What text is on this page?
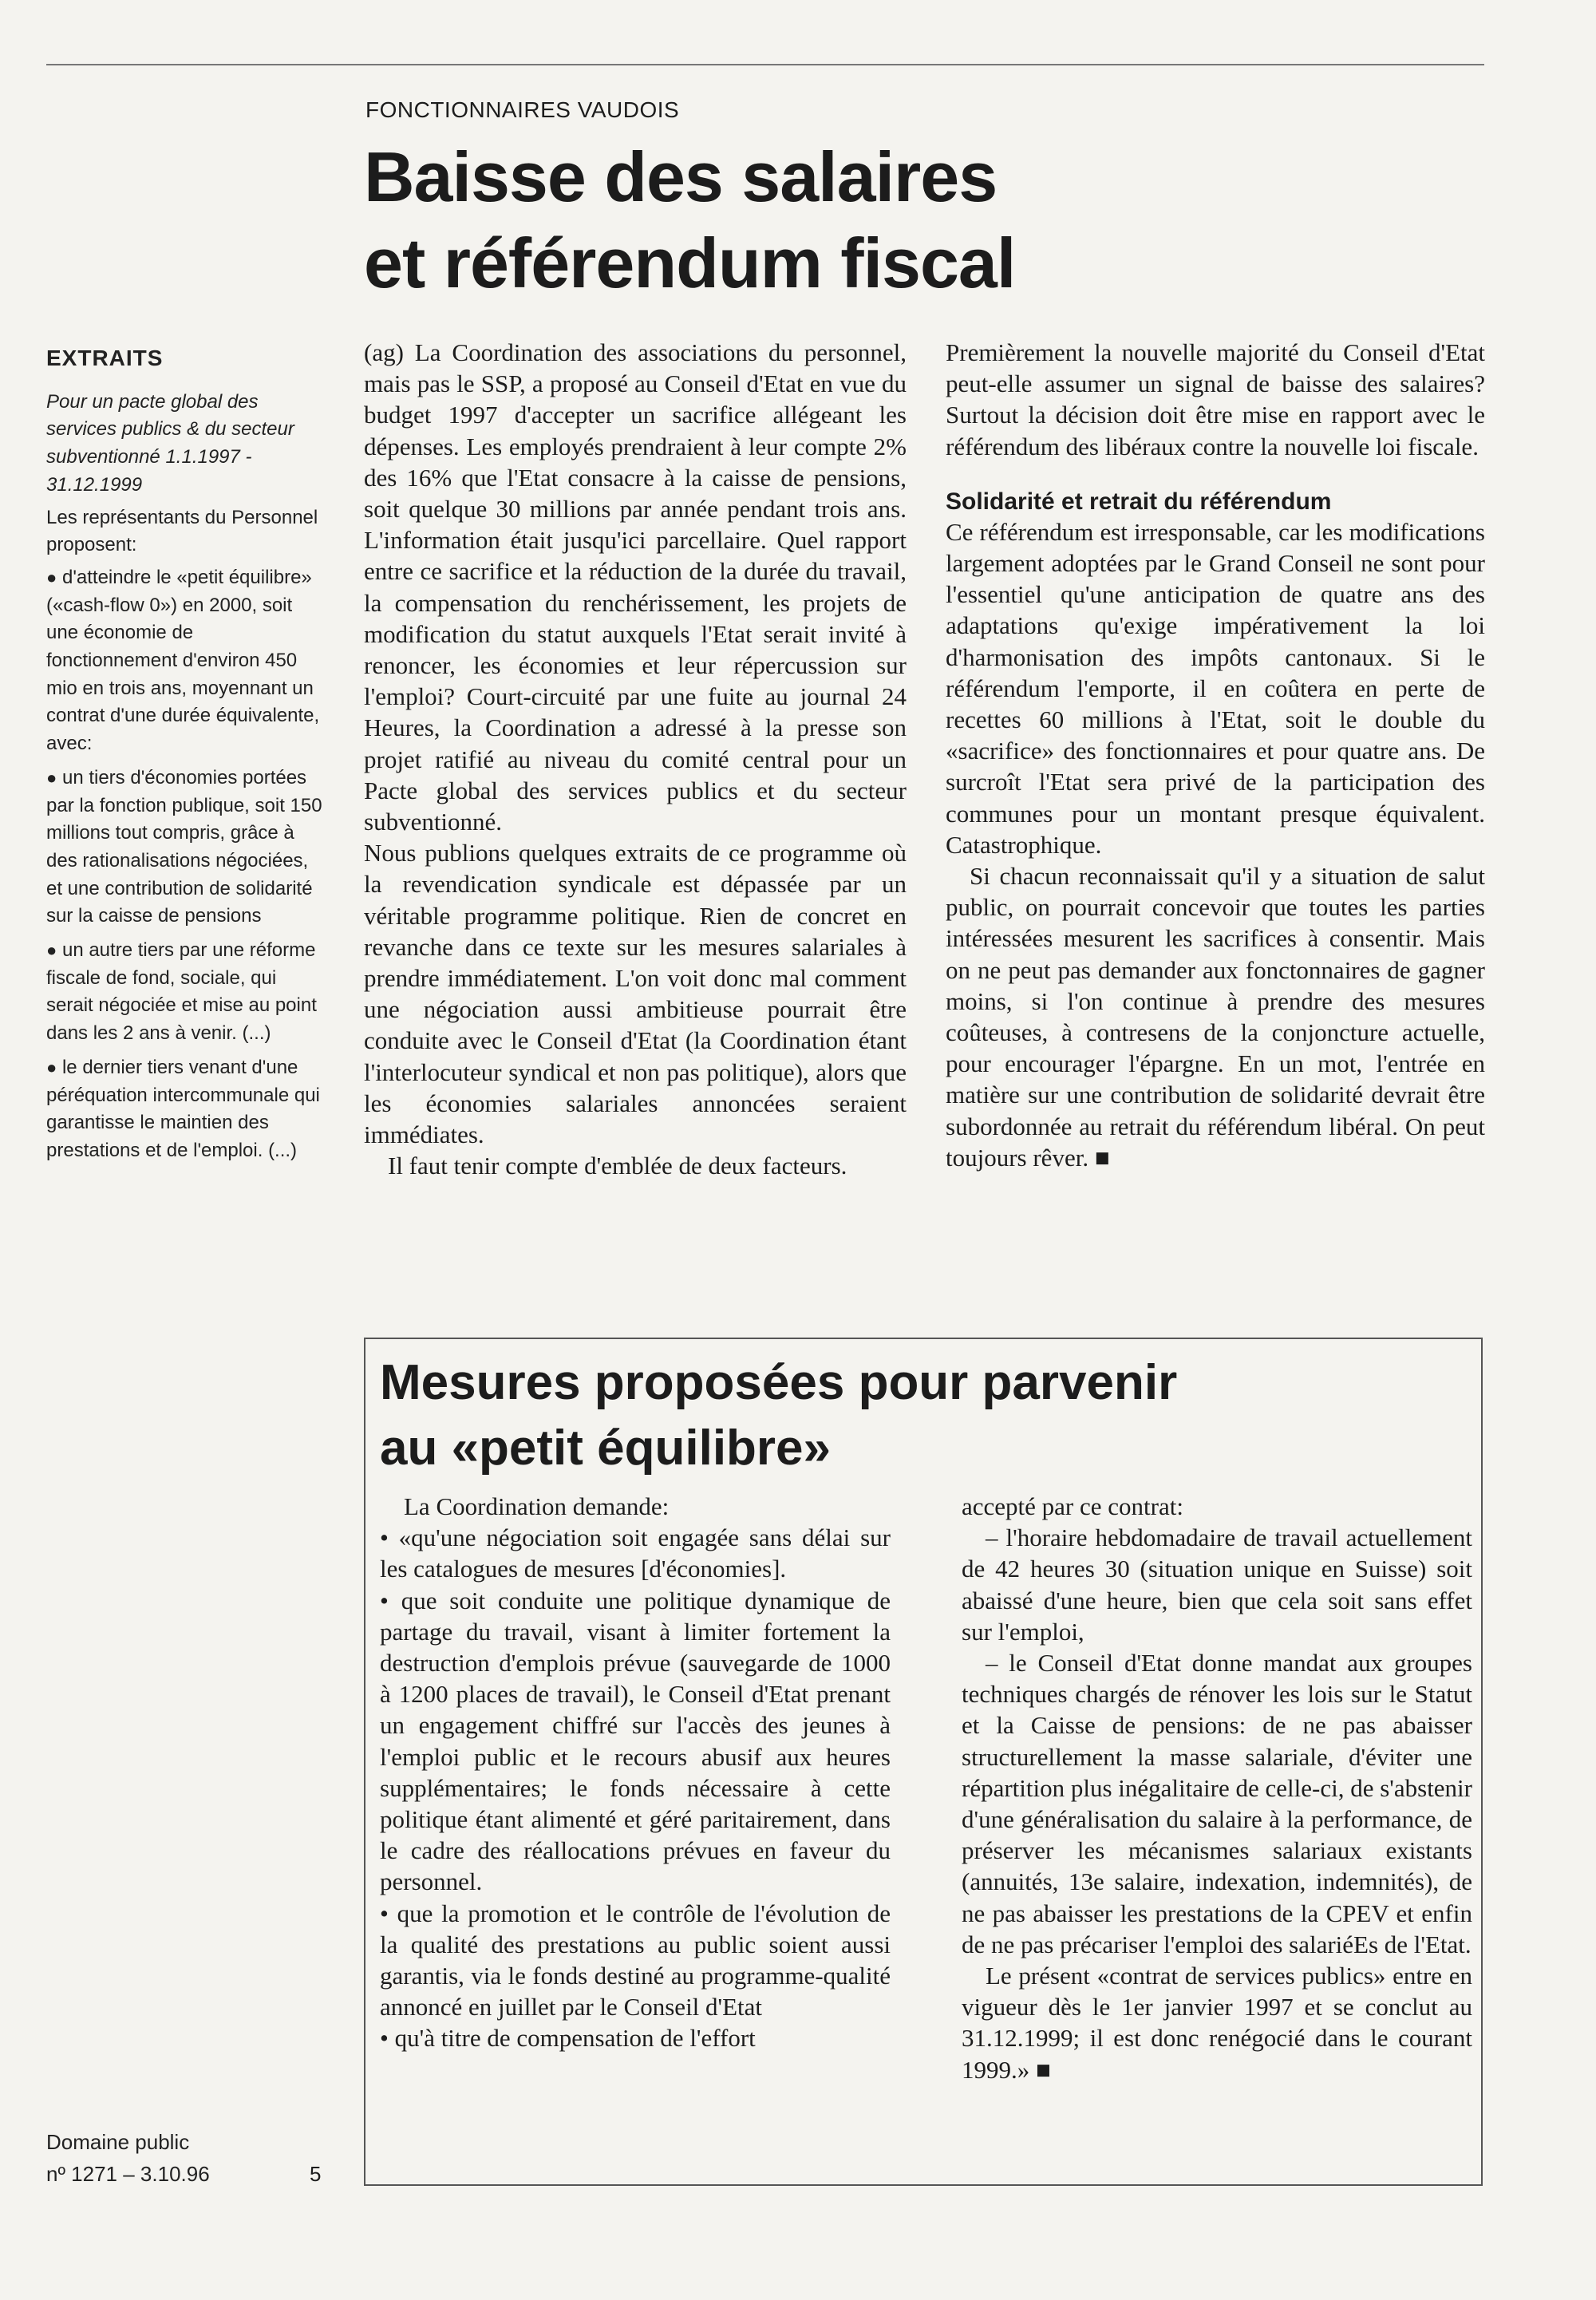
FONCTIONNAIRES VAUDOIS
Baisse des salaires
et référendum fiscal
EXTRAITS
Pour un pacte global des services publics & du secteur subventionné 1.1.1997 - 31.12.1999
Les représentants du Personnel proposent:
● d'atteindre le «petit équilibre» («cash-flow 0») en 2000, soit une économie de fonctionnement d'environ 450 mio en trois ans, moyennant un contrat d'une durée équivalente, avec:
● un tiers d'économies portées par la fonction publique, soit 150 millions tout compris, grâce à des rationalisations négociées, et une contribution de solidarité sur la caisse de pensions
● un autre tiers par une réforme fiscale de fond, sociale, qui serait négociée et mise au point dans les 2 ans à venir. (...)
● le dernier tiers venant d'une péréquation intercommunale qui garantisse le maintien des prestations et de l'emploi. (...)

(ag) La Coordination des associations du personnel, mais pas le SSP, a proposé au Conseil d'Etat en vue du budget 1997 d'accepter un sacrifice allégeant les dépenses. Les employés prendraient à leur compte 2% des 16% que l'Etat consacre à la caisse de pensions, soit quelque 30 millions par année pendant trois ans. L'information était jusqu'ici parcellaire. Quel rapport entre ce sacrifice et la réduction de la durée du travail, la compensation du renchérissement, les projets de modification du statut auxquels l'Etat serait invité à renoncer, les économies et leur répercussion sur l'emploi? Court-circuité par une fuite au journal 24 Heures, la Coordination a adressé à la presse son projet ratifié au niveau du comité central pour un Pacte global des services publics et du secteur subventionné.

Nous publions quelques extraits de ce programme où la revendication syndicale est dépassée par un véritable programme politique. Rien de concret en revanche dans ce texte sur les mesures salariales à prendre immédiatement. L'on voit donc mal comment une négociation aussi ambitieuse pourrait être conduite avec le Conseil d'Etat (la Coordination étant l'interlocuteur syndical et non pas politique), alors que les économies salariales annoncées seraient immédiates.

Il faut tenir compte d'emblée de deux facteurs.

Premièrement la nouvelle majorité du Conseil d'Etat peut-elle assumer un signal de baisse des salaires? Surtout la décision doit être mise en rapport avec le référendum des libéraux contre la nouvelle loi fiscale.

Solidarité et retrait du référendum

Ce référendum est irresponsable, car les modifications largement adoptées par le Grand Conseil ne sont pour l'essentiel qu'une anticipation de quatre ans des adaptations qu'exige impérativement la loi d'harmonisation des impôts cantonaux. Si le référendum l'emporte, il en coûtera en perte de recettes 60 millions à l'Etat, soit le double du «sacrifice» des fonctionnaires et pour quatre ans. De surcroît l'Etat sera privé de la participation des communes pour un montant presque équivalent. Catastrophique.

Si chacun reconnaissait qu'il y a situation de salut public, on pourrait concevoir que toutes les parties intéressées mesurent les sacrifices à consentir. Mais on ne peut pas demander aux fonctonnaires de gagner moins, si l'on continue à prendre des mesures coûteuses, à contresens de la conjoncture actuelle, pour encourager l'épargne. En un mot, l'entrée en matière sur une contribution de solidarité devrait être subordonnée au retrait du référendum libéral. On peut toujours rêver. ■

Mesures proposées pour parvenir
au «petit équilibre»

La Coordination demande:

• «qu'une négociation soit engagée sans délai sur les catalogues de mesures [d'économies].

• que soit conduite une politique dynamique de partage du travail, visant à limiter fortement la destruction d'emplois prévue (sauvegarde de 1000 à 1200 places de travail), le Conseil d'Etat prenant un engagement chiffré sur l'accès des jeunes à l'emploi public et le recours abusif aux heures supplémentaires; le fonds nécessaire à cette politique étant alimenté et géré paritairement, dans le cadre des réallocations prévues en faveur du personnel.

• que la promotion et le contrôle de l'évolution de la qualité des prestations au public soient aussi garantis, via le fonds destiné au programme-qualité annoncé en juillet par le Conseil d'Etat

• qu'à titre de compensation de l'effort

accepté par ce contrat:

– l'horaire hebdomadaire de travail actuellement de 42 heures 30 (situation unique en Suisse) soit abaissé d'une heure, bien que cela soit sans effet sur l'emploi,

– le Conseil d'Etat donne mandat aux groupes techniques chargés de rénover les lois sur le Statut et la Caisse de pensions: de ne pas abaisser structurellement la masse salariale, d'éviter une répartition plus inégalitaire de celle-ci, de s'abstenir d'une généralisation du salaire à la performance, de préserver les mécanismes salariaux existants (annuités, 13e salaire, indexation, indemnités), de ne pas abaisser les prestations de la CPEV et enfin de ne pas précariser l'emploi des salariéEs de l'Etat.

Le présent «contrat de services publics» entre en vigueur dès le 1er janvier 1997 et se conclut au 31.12.1999; il est donc renégocié dans le courant 1999.» ■

Domaine public
nº 1271 – 3.10.96	5
